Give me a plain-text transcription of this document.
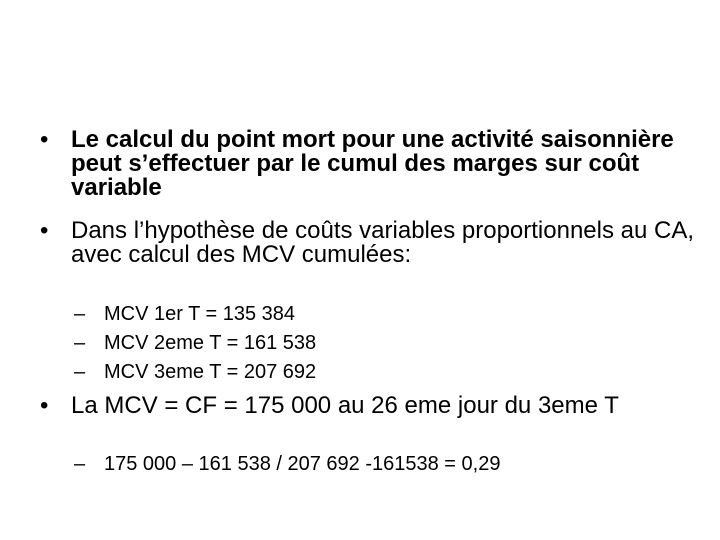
• Le calcul du point mort pour une activité saisonnière peut s’effectuer par le cumul des marges sur coût variable
• Dans l’hypothèse de coûts variables proportionnels au CA, avec calcul des MCV cumulées:
– MCV 1er T = 135 384
– MCV 2eme T = 161 538
– MCV 3eme T = 207 692
• La MCV = CF = 175 000 au 26 eme jour du 3eme T
– 175 000 – 161 538 / 207 692 -161538 = 0,29
